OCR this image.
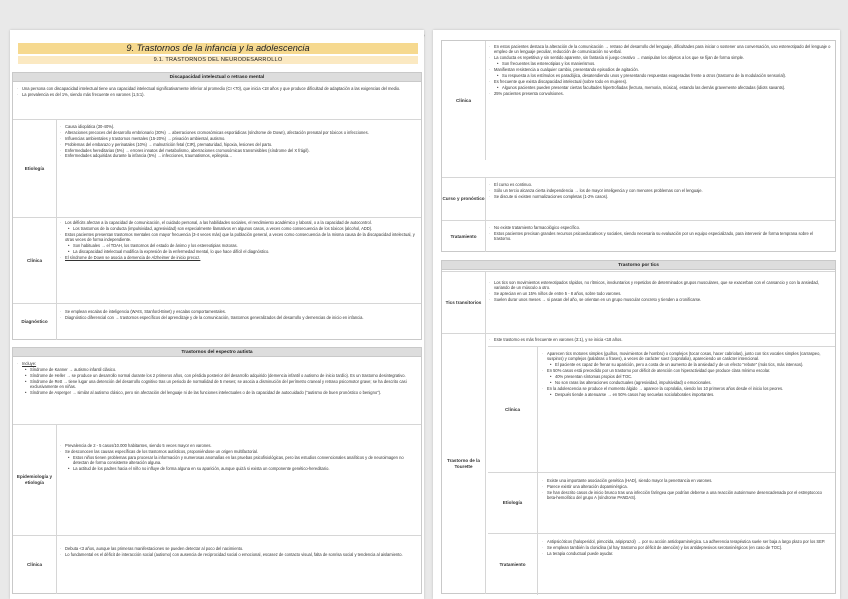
9. Trastornos de la infancia y la adolescencia
9.1. TRASTORNOS DEL NEURODESARROLLO
Discapacidad intelectual o retraso mental
· Una persona con discapacidad intelectual tiene una capacidad intelectual significativamente inferior al promedio (CI <70), que inicia <18 años y que produce dificultad de adaptación a las exigencias del medio.
· La prevalencia es del 1%, siendo más frecuente en varones (1,5:1).
Etiología
· Causa idiopática (30-40%).
· Alteraciones precoces del desarrollo embrionario (30%) → aberraciones cromosómicas esporádicas (síndrome de Down), afectación prenatal por tóxicos o infecciones.
· Influencias ambientales y trastornos mentales (15-20%) → privación ambiental, autismo.
· Problemas del embarazo y perinatales (10%) → malnutrición fetal (CIR), prematuridad, hipoxia, lesiones del parto.
· Enfermedades hereditarias (5%) → errores innatos del metabolismo, aberraciones cromosómicas transmisibles (síndrome del X frágil).
· Enfermedades adquiridas durante la infancia (5%) → infecciones, traumatismos, epilepsia…
Clínica
· Los déficits afectan a la capacidad de comunicación, el cuidado personal, a las habilidades sociales, el rendimiento académico y laboral, o a la capacidad de autocontrol.
• Los trastornos de la conducta (impulsividad, agresividad) son especialmente llamativos en algunos casos, a veces como consecuencia de los tóxicos (alcohol, ADD).
· Estos pacientes presentan trastornos mentales con mayor frecuencia (3-4 veces más) que la población general, a veces como consecuencia de la misma causa de la discapacidad intelectual, y otras veces de forma independiente.
• Son habituales → el TDAH, los trastornos del estado de ánimo y los estereotipias motoras.
• La discapacidad intelectual modifica la expresión de la enfermedad mental, lo que hace difícil el diagnóstico.
· El síndrome de Down se asocia a demencia de Alzheimer de inicio precoz.
Diagnóstico
· Se emplean escalas de inteligencia (WAIS, Stanford-Binet) y escalas comportamentales.
· Diagnóstico diferencial con → trastornos específicos del aprendizaje y de la comunicación, trastornos generalizados del desarrollo y demencias de inicio en infancia.
Trastornos del espectro autista
· Incluye:
• Síndrome de Kanner → autismo infantil clásico.
• Síndrome de Heller → se produce un desarrollo normal durante los 2 primeros años, con pérdida posterior del desarrollo adquirido (demencia infantil o autismo de inicio tardío). Es un trastorno desintegrativo.
• Síndrome de Rett → tiene lugar una detención del desarrollo cognitivo tras un periodo de normalidad de 5 meses; se asocia a disminución del perímetro craneal y retraso psicomotor grave; se ha descrito casi exclusivamente en niñas.
• Síndrome de Asperger → similar al autismo clásico, pero sin afectación del lenguaje ni de las funciones intelectuales o de la capacidad de autocuidado ("autismo de buen pronóstico o benigno").
Epidemiología y etiología
· Prevalencia de 2 - 5 casos/10.000 habitantes, siendo 5 veces mayor en varones.
· Se desconocen las causas específicas de los trastornos autísticos, proponiéndose un origen multifactorial.
• Estos niños tienen problemas para procesar la información y numerosas anomalías en las pruebas psicofisiológicas, pero las estudios convencionales analíticos y de neuroimagen no detectan de forma consistente alteración alguna.
• La actitud de los padres hacia el niño no influye de forma alguna en su aparición, aunque quizá si exista un componente genético-hereditario.
Clínica
· Debuta <3 años, aunque las primeras manifestaciones se pueden detectar al poco del nacimiento.
· Lo fundamental es el déficit de interacción social (autismo) con ausencia de reciprocidad social o emocional, escasez de contacto visual, falta de sonrisa social y tendencia al aislamiento.
Clínica
· En estos pacientes destaca la alteración de la comunicación → retraso del desarrollo del lenguaje, dificultades para iniciar o sostener una conversación, uso estereotipado del lenguaje o empleo de un lenguaje peculiar, reducción de comunicación no verbal.
· La conducta es repetitiva y sin sentido aparente, sin fantasía ni juego creativo → manipulan los objetos a los que se fijan de forma simple.
• Son frecuentes las estereotipias y los manierismos.
· Manifiestan resistencia a cualquier cambio, presentando episodios de agitación.
• Su respuesta a los estímulos es paradójica, desatendiendo unos y presentando respuestas exageradas frente a otros (trastorno de la modulación sensorial).
· Es frecuente que exista discapacidad intelectual (sobre todo en mujeres).
• Algunos pacientes pueden presentar ciertas facultades hipertrofiadas (lectura, memoria, música), estando las demás gravemente afectadas (idiots savants).
· 25% pacientes presenta convulsiones.
Curso y pronóstico
· El curso es continuo.
· Sólo un tercio alcanza cierta independencia → los de mayor inteligencia y con menores problemas con el lenguaje.
· Se discute si existen normalizaciones completas (1-2% casos).
Tratamiento
· No existe tratamiento farmacológico específico.
· Estos pacientes precisan grandes recursos psicoeducativos y sociales, siendo necesaria su evaluación por un equipo especializado, para intervenir de forma temprana sobre el trastorno.
Trastorno por tics
Tics transitorios
· Los tics son movimientos estereotipados rápidos, no rítmicos, involuntarios y repetidos de determinados grupos musculares, que se exacerban con el cansancio y con la ansiedad, variando de un músculo a otro.
· Se aprecian en un 15% niños de entre 5 - 8 años, sobre todo varones.
· Suelen durar unos meses → si pasan del año, se orientan en un grupo muscular concreto y tienden a cronificarse.
Trastorno de la Tourette
· Este trastorno es más frecuente en varones (3:1), y se inicia <18 años.
Clínica
· Aparecen tics motores simples (guiños, movimientos de hombro) o complejos (tocar cosas, hacer cabriolas), junto con tics vocales simples (carraspeo, suspiros) y complejos (palabras o frases), a veces de carácter soez (coprolalia), apareciendo un carácter intencional.
• El paciente es capaz de frenar su aparición, pero a costa de un aumento de la ansiedad y de un efecto "rebote" (más tics, más intensos).
· En 50% casos está precedido por un trastorno por déficit de atención con hiperactividad que produce clara mínimo escolar.
• 40% presentan síntomas propios del TOC.
• No son raras las alteraciones conductuales (agresividad, impulsividad) o emocionales.
· En la adolescencia se produce el momento álgido → aparece la coprolalia, siendo los 10 primeros años desde el inicio los peores.
• Después tiende a atenuarse → en 50% casos hay secuelas sociolaborales importantes.
Etiología
· Existe una importante asociación genética (HAD), siendo mayor la penetrancia en varones.
· Parece existir una alteración dopaminérgica.
· Se han descrito casos de inicio brusco tras una infección faríngea que podrían deberse a una reacción autoinmune desencadenada por el estreptococo beta-hemolítico del grupo A (síndrome PANDAS).
Tratamiento
· Antipsicóticos (haloperidol, pimozida, aripiprazol) → por su acción antidopaminérgica. La adherencia terapéutica suele ser baja a largo plazo por los SEP.
· Se emplean también la clonidina (al hay trastorno por déficit de atención) y los antidepresivos serotoninérgicos (en caso de TOC).
· La terapia conductual puede ayudar.
